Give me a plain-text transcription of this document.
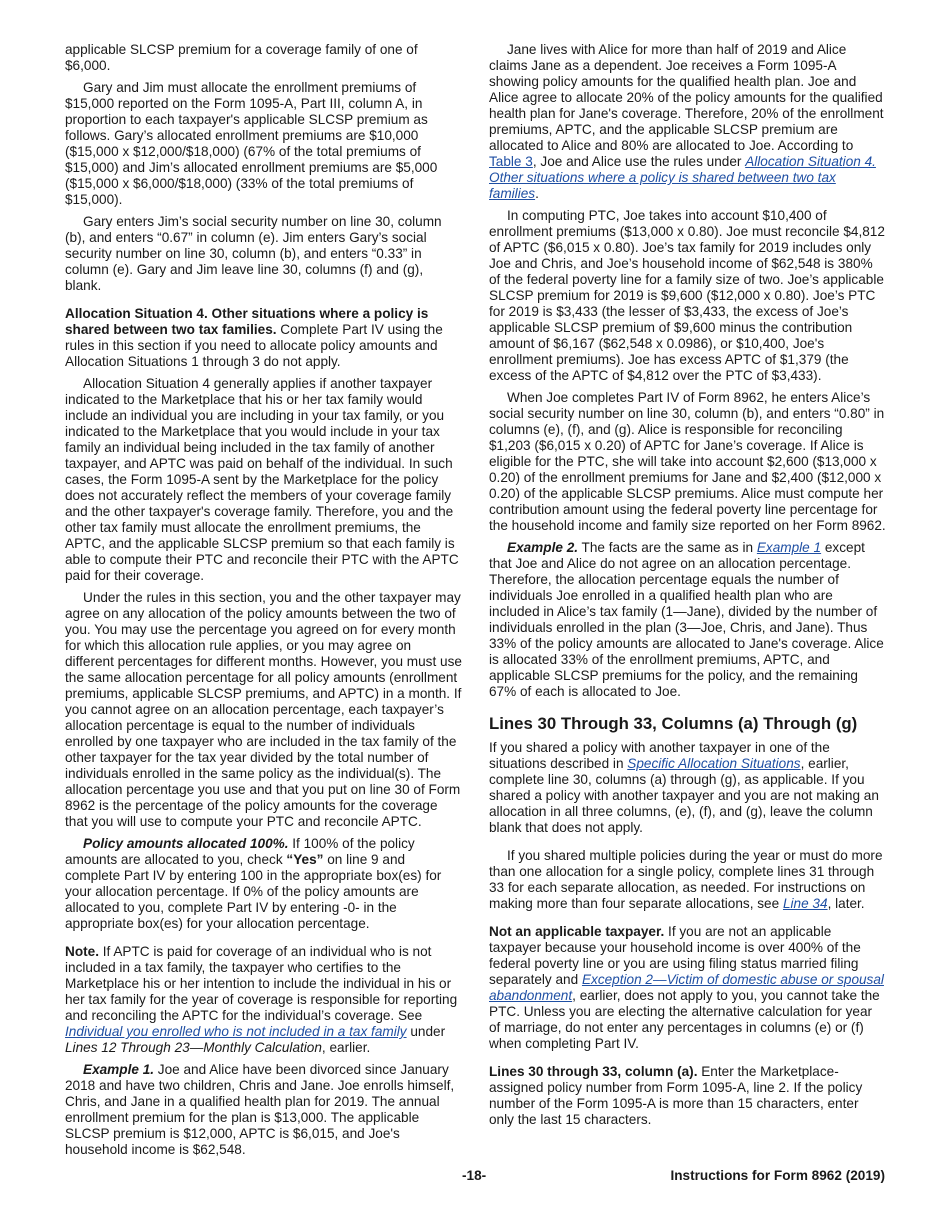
applicable SLCSP premium for a coverage family of one of $6,000.

Gary and Jim must allocate the enrollment premiums of $15,000 reported on the Form 1095-A, Part III, column A, in proportion to each taxpayer's applicable SLCSP premium as follows. Gary’s allocated enrollment premiums are $10,000 ($15,000 x $12,000/$18,000) (67% of the total premiums of $15,000) and Jim’s allocated enrollment premiums are $5,000 ($15,000 x $6,000/$18,000) (33% of the total premiums of $15,000).

Gary enters Jim’s social security number on line 30, column (b), and enters “0.67” in column (e). Jim enters Gary’s social security number on line 30, column (b), and enters “0.33” in column (e). Gary and Jim leave line 30, columns (f) and (g), blank.

Allocation Situation 4. Other situations where a policy is shared between two tax families. Complete Part IV using the rules in this section if you need to allocate policy amounts and Allocation Situations 1 through 3 do not apply.

Allocation Situation 4 generally applies if another taxpayer indicated to the Marketplace that his or her tax family would include an individual you are including in your tax family, or you indicated to the Marketplace that you would include in your tax family an individual being included in the tax family of another taxpayer, and APTC was paid on behalf of the individual. In such cases, the Form 1095-A sent by the Marketplace for the policy does not accurately reflect the members of your coverage family and the other taxpayer's coverage family. Therefore, you and the other tax family must allocate the enrollment premiums, the APTC, and the applicable SLCSP premium so that each family is able to compute their PTC and reconcile their PTC with the APTC paid for their coverage.

Under the rules in this section, you and the other taxpayer may agree on any allocation of the policy amounts between the two of you. You may use the percentage you agreed on for every month for which this allocation rule applies, or you may agree on different percentages for different months. However, you must use the same allocation percentage for all policy amounts (enrollment premiums, applicable SLCSP premiums, and APTC) in a month. If you cannot agree on an allocation percentage, each taxpayer’s allocation percentage is equal to the number of individuals enrolled by one taxpayer who are included in the tax family of the other taxpayer for the tax year divided by the total number of individuals enrolled in the same policy as the individual(s). The allocation percentage you use and that you put on line 30 of Form 8962 is the percentage of the policy amounts for the coverage that you will use to compute your PTC and reconcile APTC.

Policy amounts allocated 100%. If 100% of the policy amounts are allocated to you, check “Yes” on line 9 and complete Part IV by entering 100 in the appropriate box(es) for your allocation percentage. If 0% of the policy amounts are allocated to you, complete Part IV by entering -0- in the appropriate box(es) for your allocation percentage.

Note. If APTC is paid for coverage of an individual who is not included in a tax family, the taxpayer who certifies to the Marketplace his or her intention to include the individual in his or her tax family for the year of coverage is responsible for reporting and reconciling the APTC for the individual’s coverage. See Individual you enrolled who is not included in a tax family under Lines 12 Through 23—Monthly Calculation, earlier.

Example 1. Joe and Alice have been divorced since January 2018 and have two children, Chris and Jane. Joe enrolls himself, Chris, and Jane in a qualified health plan for 2019. The annual enrollment premium for the plan is $13,000. The applicable SLCSP premium is $12,000, APTC is $6,015, and Joe's household income is $62,548.

Jane lives with Alice for more than half of 2019 and Alice claims Jane as a dependent. Joe receives a Form 1095-A showing policy amounts for the qualified health plan. Joe and Alice agree to allocate 20% of the policy amounts for the qualified health plan for Jane's coverage. Therefore, 20% of the enrollment premiums, APTC, and the applicable SLCSP premium are allocated to Alice and 80% are allocated to Joe. According to Table 3, Joe and Alice use the rules under Allocation Situation 4. Other situations where a policy is shared between two tax families.

In computing PTC, Joe takes into account $10,400 of enrollment premiums ($13,000 x 0.80). Joe must reconcile $4,812 of APTC ($6,015 x 0.80). Joe’s tax family for 2019 includes only Joe and Chris, and Joe’s household income of $62,548 is 380% of the federal poverty line for a family size of two. Joe’s applicable SLCSP premium for 2019 is $9,600 ($12,000 x 0.80). Joe’s PTC for 2019 is $3,433 (the lesser of $3,433, the excess of Joe’s applicable SLCSP premium of $9,600 minus the contribution amount of $6,167 ($62,548 x 0.0986), or $10,400, Joe's enrollment premiums). Joe has excess APTC of $1,379 (the excess of the APTC of $4,812 over the PTC of $3,433).

When Joe completes Part IV of Form 8962, he enters Alice’s social security number on line 30, column (b), and enters “0.80” in columns (e), (f), and (g). Alice is responsible for reconciling $1,203 ($6,015 x 0.20) of APTC for Jane’s coverage. If Alice is eligible for the PTC, she will take into account $2,600 ($13,000 x 0.20) of the enrollment premiums for Jane and $2,400 ($12,000 x 0.20) of the applicable SLCSP premiums. Alice must compute her contribution amount using the federal poverty line percentage for the household income and family size reported on her Form 8962.

Example 2. The facts are the same as in Example 1 except that Joe and Alice do not agree on an allocation percentage. Therefore, the allocation percentage equals the number of individuals Joe enrolled in a qualified health plan who are included in Alice’s tax family (1—Jane), divided by the number of individuals enrolled in the plan (3—Joe, Chris, and Jane). Thus 33% of the policy amounts are allocated to Jane's coverage. Alice is allocated 33% of the enrollment premiums, APTC, and applicable SLCSP premiums for the policy, and the remaining 67% of each is allocated to Joe.

Lines 30 Through 33, Columns (a) Through (g)

If you shared a policy with another taxpayer in one of the situations described in Specific Allocation Situations, earlier, complete line 30, columns (a) through (g), as applicable. If you shared a policy with another taxpayer and you are not making an allocation in all three columns, (e), (f), and (g), leave the column blank that does not apply.

If you shared multiple policies during the year or must do more than one allocation for a single policy, complete lines 31 through 33 for each separate allocation, as needed. For instructions on making more than four separate allocations, see Line 34, later.

Not an applicable taxpayer. If you are not an applicable taxpayer because your household income is over 400% of the federal poverty line or you are using filing status married filing separately and Exception 2—Victim of domestic abuse or spousal abandonment, earlier, does not apply to you, you cannot take the PTC. Unless you are electing the alternative calculation for year of marriage, do not enter any percentages in columns (e) or (f) when completing Part IV.

Lines 30 through 33, column (a). Enter the Marketplace-assigned policy number from Form 1095-A, line 2. If the policy number of the Form 1095-A is more than 15 characters, enter only the last 15 characters.

-18-	Instructions for Form 8962 (2019)
